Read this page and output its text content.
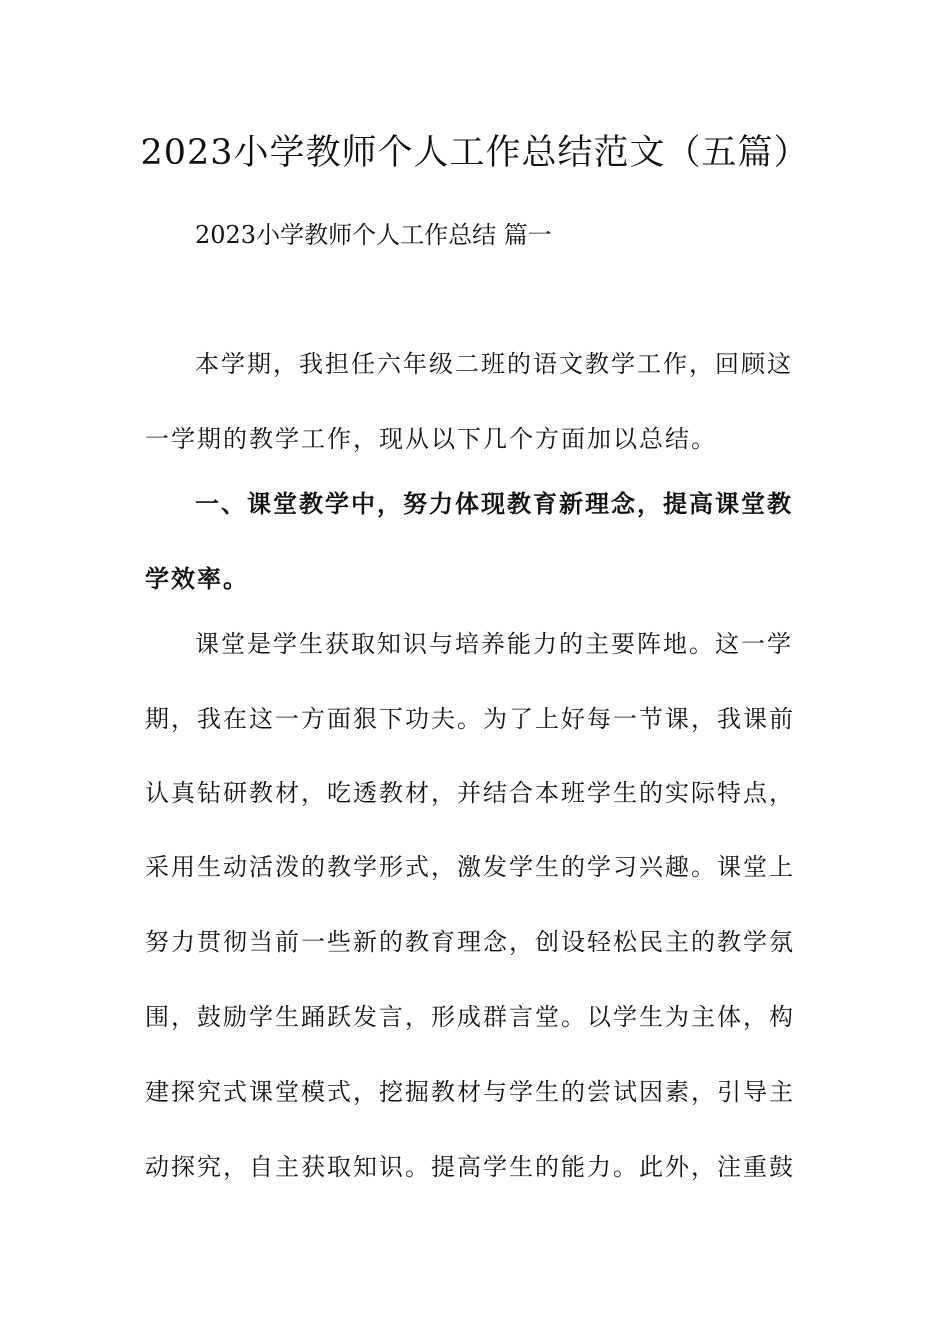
2023小学教师个人工作总结范文（五篇）
2023小学教师个人工作总结 篇一
本学期，我担任六年级二班的语文教学工作，回顾这
一学期的教学工作，现从以下几个方面加以总结。
一、课堂教学中，努力体现教育新理念，提高课堂教
学效率。
课堂是学生获取知识与培养能力的主要阵地。这一学
期，我在这一方面狠下功夫。为了上好每一节课，我课前
认真钻研教材，吃透教材，并结合本班学生的实际特点，
采用生动活泼的教学形式，激发学生的学习兴趣。课堂上
努力贯彻当前一些新的教育理念，创设轻松民主的教学氛
围，鼓励学生踊跃发言，形成群言堂。以学生为主体，构
建探究式课堂模式，挖掘教材与学生的尝试因素，引导主
动探究，自主获取知识。提高学生的能力。此外，注重鼓
